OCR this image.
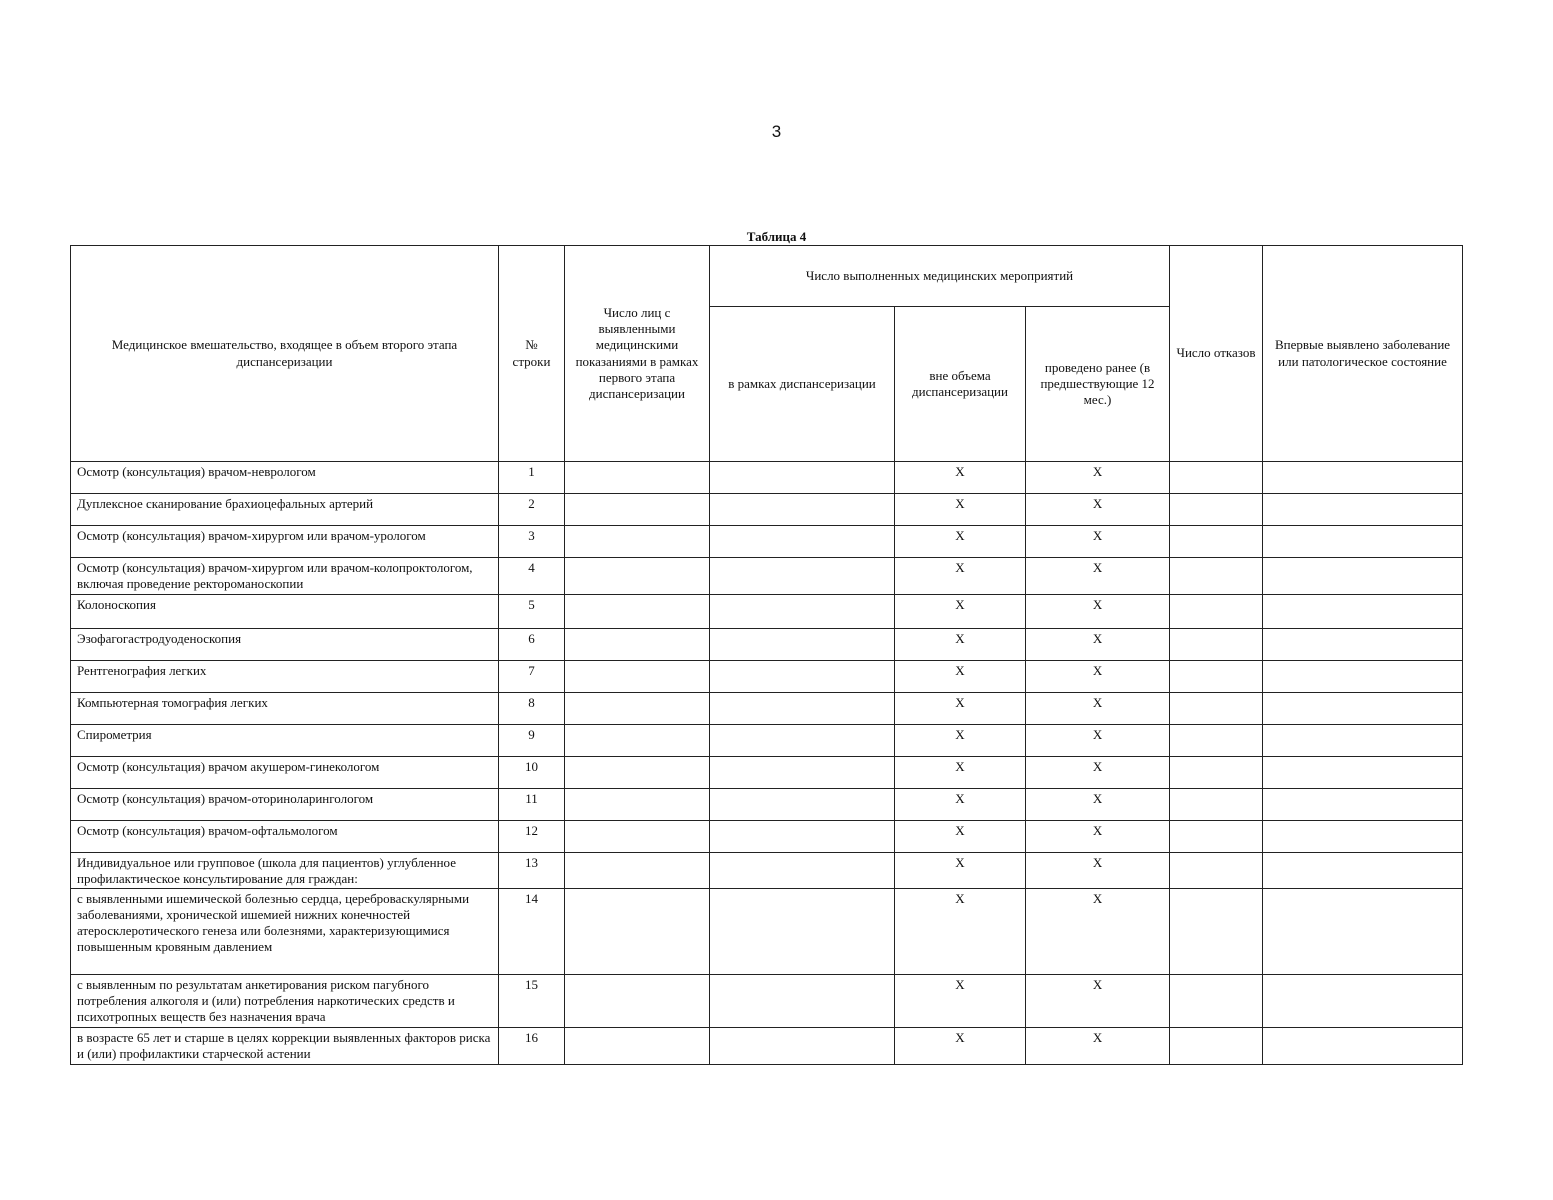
3
Таблица 4
Медицинское вмешательство, входящее в объем второго этапа диспансеризации	№ строки	Число лиц с выявленными медицинскими показаниями в рамках первого этапа диспансеризации	Число выполненных медицинских мероприятий			Число отказов	Впервые выявлено заболевание или патологическое состояние
			в рамках диспансеризации	вне объема диспансеризации	проведено ранее (в предшествующие 12 мес.)		
Осмотр (консультация) врачом-неврологом	1			X	X		
Дуплексное сканирование брахиоцефальных артерий	2			X	X		
Осмотр (консультация) врачом-хирургом или врачом-урологом	3			X	X		
Осмотр (консультация) врачом-хирургом или врачом-колопроктологом, включая проведение ректороманоскопии	4			X	X		
Колоноскопия	5			X	X		
Эзофагогастродуоденоскопия	6			X	X		
Рентгенография легких	7			X	X		
Компьютерная томография легких	8			X	X		
Спирометрия	9			X	X		
Осмотр (консультация) врачом акушером-гинекологом	10			X	X		
Осмотр (консультация) врачом-оториноларингологом	11			X	X		
Осмотр (консультация) врачом-офтальмологом	12			X	X		
Индивидуальное или групповое (школа для пациентов) углубленное профилактическое консультирование для граждан:	13			X	X		
с выявленными ишемической болезнью сердца, цереброваскулярными заболеваниями, хронической ишемией нижних конечностей атеросклеротического генеза или болезнями, характеризующимися повышенным кровяным давлением	14			X	X		
с выявленным по результатам анкетирования риском пагубного потребления алкоголя и (или) потребления наркотических средств и психотропных веществ без назначения врача	15			X	X		
в возрасте 65 лет и старше в целях коррекции выявленных факторов риска и (или) профилактики старческой астении	16			X	X		
